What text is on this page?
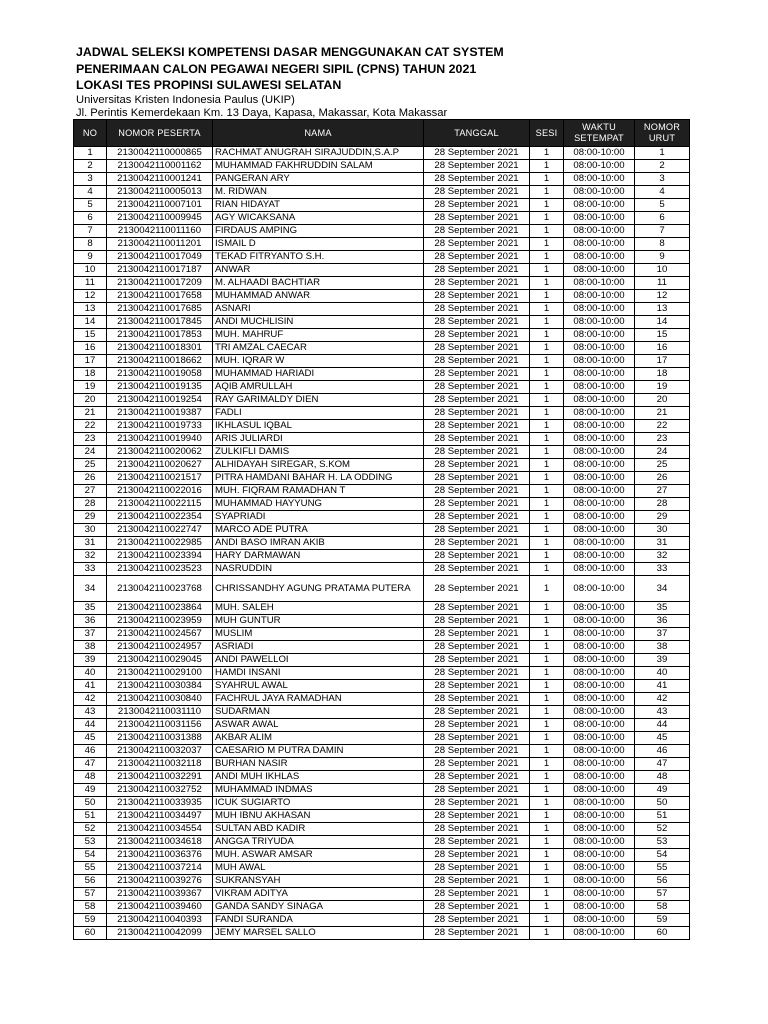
JADWAL SELEKSI KOMPETENSI DASAR MENGGUNAKAN CAT SYSTEM
PENERIMAAN CALON PEGAWAI NEGERI SIPIL (CPNS) TAHUN 2021
LOKASI TES PROPINSI SULAWESI SELATAN
Universitas Kristen Indonesia Paulus (UKIP)
Jl. Perintis Kemerdekaan Km. 13 Daya, Kapasa, Makassar, Kota Makassar
NO	NOMOR PESERTA	NAMA	TANGGAL	SESI	WAKTU SETEMPAT	NOMOR URUT
1	2130042110000865	RACHMAT ANUGRAH SIRAJUDDIN,S.A.P	28 September 2021	1	08:00-10:00	1
2	2130042110001162	MUHAMMAD FAKHRUDDIN SALAM	28 September 2021	1	08:00-10:00	2
3	2130042110001241	PANGERAN ARY	28 September 2021	1	08:00-10:00	3
4	2130042110005013	M. RIDWAN	28 September 2021	1	08:00-10:00	4
5	2130042110007101	RIAN HIDAYAT	28 September 2021	1	08:00-10:00	5
6	2130042110009945	AGY WICAKSANA	28 September 2021	1	08:00-10:00	6
7	2130042110011160	FIRDAUS AMPING	28 September 2021	1	08:00-10:00	7
8	2130042110011201	ISMAIL D	28 September 2021	1	08:00-10:00	8
9	2130042110017049	TEKAD FITRYANTO S.H.	28 September 2021	1	08:00-10:00	9
10	2130042110017187	ANWAR	28 September 2021	1	08:00-10:00	10
11	2130042110017209	M. ALHAADI BACHTIAR	28 September 2021	1	08:00-10:00	11
12	2130042110017658	MUHAMMAD ANWAR	28 September 2021	1	08:00-10:00	12
13	2130042110017685	ASNARI	28 September 2021	1	08:00-10:00	13
14	2130042110017845	ANDI MUCHLISIN	28 September 2021	1	08:00-10:00	14
15	2130042110017853	MUH. MAHRUF	28 September 2021	1	08:00-10:00	15
16	2130042110018301	TRI AMZAL CAECAR	28 September 2021	1	08:00-10:00	16
17	2130042110018662	MUH. IQRAR W	28 September 2021	1	08:00-10:00	17
18	2130042110019058	MUHAMMAD HARIADI	28 September 2021	1	08:00-10:00	18
19	2130042110019135	AQIB AMRULLAH	28 September 2021	1	08:00-10:00	19
20	2130042110019254	RAY GARIMALDY DIEN	28 September 2021	1	08:00-10:00	20
21	2130042110019387	FADLI	28 September 2021	1	08:00-10:00	21
22	2130042110019733	IKHLASUL IQBAL	28 September 2021	1	08:00-10:00	22
23	2130042110019940	ARIS JULIARDI	28 September 2021	1	08:00-10:00	23
24	2130042110020062	ZULKIFLI DAMIS	28 September 2021	1	08:00-10:00	24
25	2130042110020627	ALHIDAYAH SIREGAR, S.KOM	28 September 2021	1	08:00-10:00	25
26	2130042110021517	PITRA HAMDANI BAHAR H. LA ODDING	28 September 2021	1	08:00-10:00	26
27	2130042110022016	MUH. FIQRAM RAMADHAN T	28 September 2021	1	08:00-10:00	27
28	2130042110022115	MUHAMMAD HAYYUNG	28 September 2021	1	08:00-10:00	28
29	2130042110022354	SYAPRIADI	28 September 2021	1	08:00-10:00	29
30	2130042110022747	MARCO ADE PUTRA	28 September 2021	1	08:00-10:00	30
31	2130042110022985	ANDI BASO IMRAN AKIB	28 September 2021	1	08:00-10:00	31
32	2130042110023394	HARY DARMAWAN	28 September 2021	1	08:00-10:00	32
33	2130042110023523	NASRUDDIN	28 September 2021	1	08:00-10:00	33
34	2130042110023768	CHRISSANDHY AGUNG PRATAMA PUTERA	28 September 2021	1	08:00-10:00	34
35	2130042110023864	MUH. SALEH	28 September 2021	1	08:00-10:00	35
36	2130042110023959	MUH GUNTUR	28 September 2021	1	08:00-10:00	36
37	2130042110024567	MUSLIM	28 September 2021	1	08:00-10:00	37
38	2130042110024957	ASRIADI	28 September 2021	1	08:00-10:00	38
39	2130042110029045	ANDI PAWELLOI	28 September 2021	1	08:00-10:00	39
40	2130042110029100	HAMDI INSANI	28 September 2021	1	08:00-10:00	40
41	2130042110030384	SYAHRUL AWAL	28 September 2021	1	08:00-10:00	41
42	2130042110030840	FACHRUL JAYA RAMADHAN	28 September 2021	1	08:00-10:00	42
43	2130042110031110	SUDARMAN	28 September 2021	1	08:00-10:00	43
44	2130042110031156	ASWAR AWAL	28 September 2021	1	08:00-10:00	44
45	2130042110031388	AKBAR ALIM	28 September 2021	1	08:00-10:00	45
46	2130042110032037	CAESARIO M PUTRA DAMIN	28 September 2021	1	08:00-10:00	46
47	2130042110032118	BURHAN NASIR	28 September 2021	1	08:00-10:00	47
48	2130042110032291	ANDI MUH IKHLAS	28 September 2021	1	08:00-10:00	48
49	2130042110032752	MUHAMMAD INDMAS	28 September 2021	1	08:00-10:00	49
50	2130042110033935	ICUK SUGIARTO	28 September 2021	1	08:00-10:00	50
51	2130042110034497	MUH IBNU AKHASAN	28 September 2021	1	08:00-10:00	51
52	2130042110034554	SULTAN ABD KADIR	28 September 2021	1	08:00-10:00	52
53	2130042110034618	ANGGA TRIYUDA	28 September 2021	1	08:00-10:00	53
54	2130042110036376	MUH. ASWAR AMSAR	28 September 2021	1	08:00-10:00	54
55	2130042110037214	MUH AWAL	28 September 2021	1	08:00-10:00	55
56	2130042110039276	SUKRANSYAH	28 September 2021	1	08:00-10:00	56
57	2130042110039367	VIKRAM ADITYA	28 September 2021	1	08:00-10:00	57
58	2130042110039460	GANDA SANDY SINAGA	28 September 2021	1	08:00-10:00	58
59	2130042110040393	FANDI SURANDA	28 September 2021	1	08:00-10:00	59
60	2130042110042099	JEMY MARSEL SALLO	28 September 2021	1	08:00-10:00	60
